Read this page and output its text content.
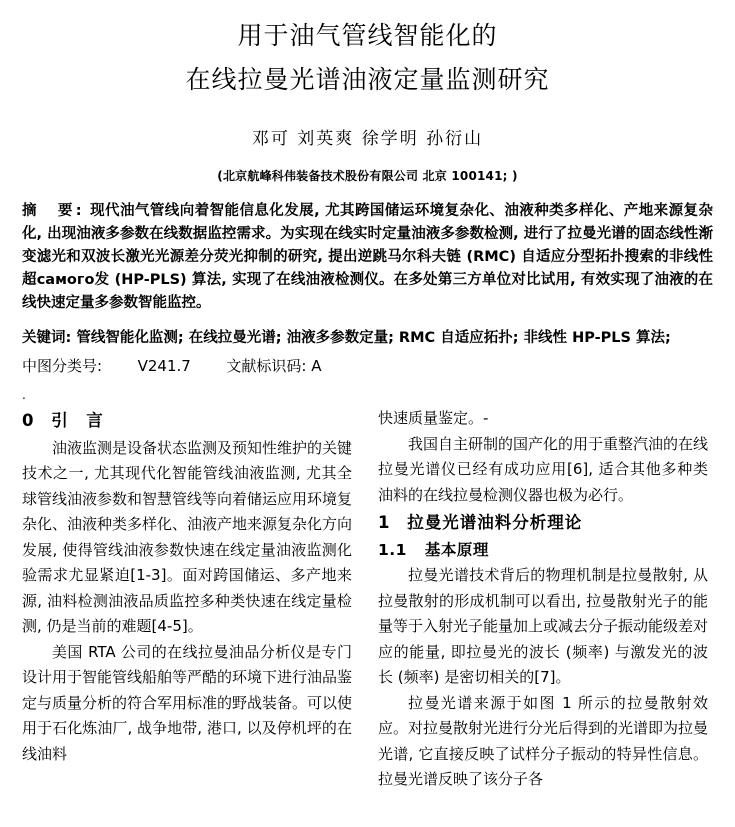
用于油气管线智能化的
在线拉曼光谱油液定量监测研究
邓可 刘英爽 徐学明 孙衍山
(北京航峰科伟装备技术股份有限公司 北京 100141; )
摘　要: 现代油气管线向着智能信息化发展, 尤其跨国储运环境复杂化、油液种类多样化、产地来源复杂化, 出现油液多参数在线数据监控需求。为实现在线实时定量油液多参数检测, 进行了拉曼光谱的固态线性渐变滤光和双波长激光光源差分荧光抑制的研究, 提出逆跳马尔科夫链 (RMC) 自适应分型拓扑搜索的非线性超самого发 (HP-PLS) 算法, 实现了在线油液检测仪。在多处第三方单位对比试用, 有效实现了油液的在线快速定量多参数智能监控。
关键词: 管线智能化监测; 在线拉曼光谱; 油液多参数定量; RMC 自适应拓扑; 非线性 HP-PLS 算法;
中图分类号: V241.7 文献标识码: A
.
0 引　言

油液监测是设备状态监测及预知性维护的关键技术之一, 尤其现代化智能管线油液监测, 尤其全球管线油液参数和智慧管线等向着储运应用环境复杂化、油液种类多样化、油液产地来源复杂化方向发展, 使得管线油液参数快速在线定量油液监测化验需求尤显紧迫[1-3]。面对跨国储运、多产地来源, 油料检测油液品质监控多种类快速在线定量检测, 仍是当前的难题[4-5]。

美国 RTA 公司的在线拉曼油品分析仪是专门设计用于智能管线船舶等严酷的环境下进行油品鉴定与质量分析的符合军用标准的野战装备。可以使用于石化炼油厂, 战争地带, 港口, 以及停机坪的在线油料

快速质量鉴定。-

我国自主研制的国产化的用于重整汽油的在线拉曼光谱仪已经有成功应用[6], 适合其他多种类油料的在线拉曼检测仪器也极为必行。

1 拉曼光谱油料分析理论
1.1 基本原理

拉曼光谱技术背后的物理机制是拉曼散射, 从拉曼散射的形成机制可以看出, 拉曼散射光子的能量等于入射光子能量加上或减去分子振动能级差对应的能量, 即拉曼光的波长 (频率) 与激发光的波长 (频率) 是密切相关的[7]。

拉曼光谱来源于如图 1 所示的拉曼散射效应。对拉曼散射光进行分光后得到的光谱即为拉曼光谱, 它直接反映了试样分子振动的特异性信息。拉曼光谱反映了该分子各
